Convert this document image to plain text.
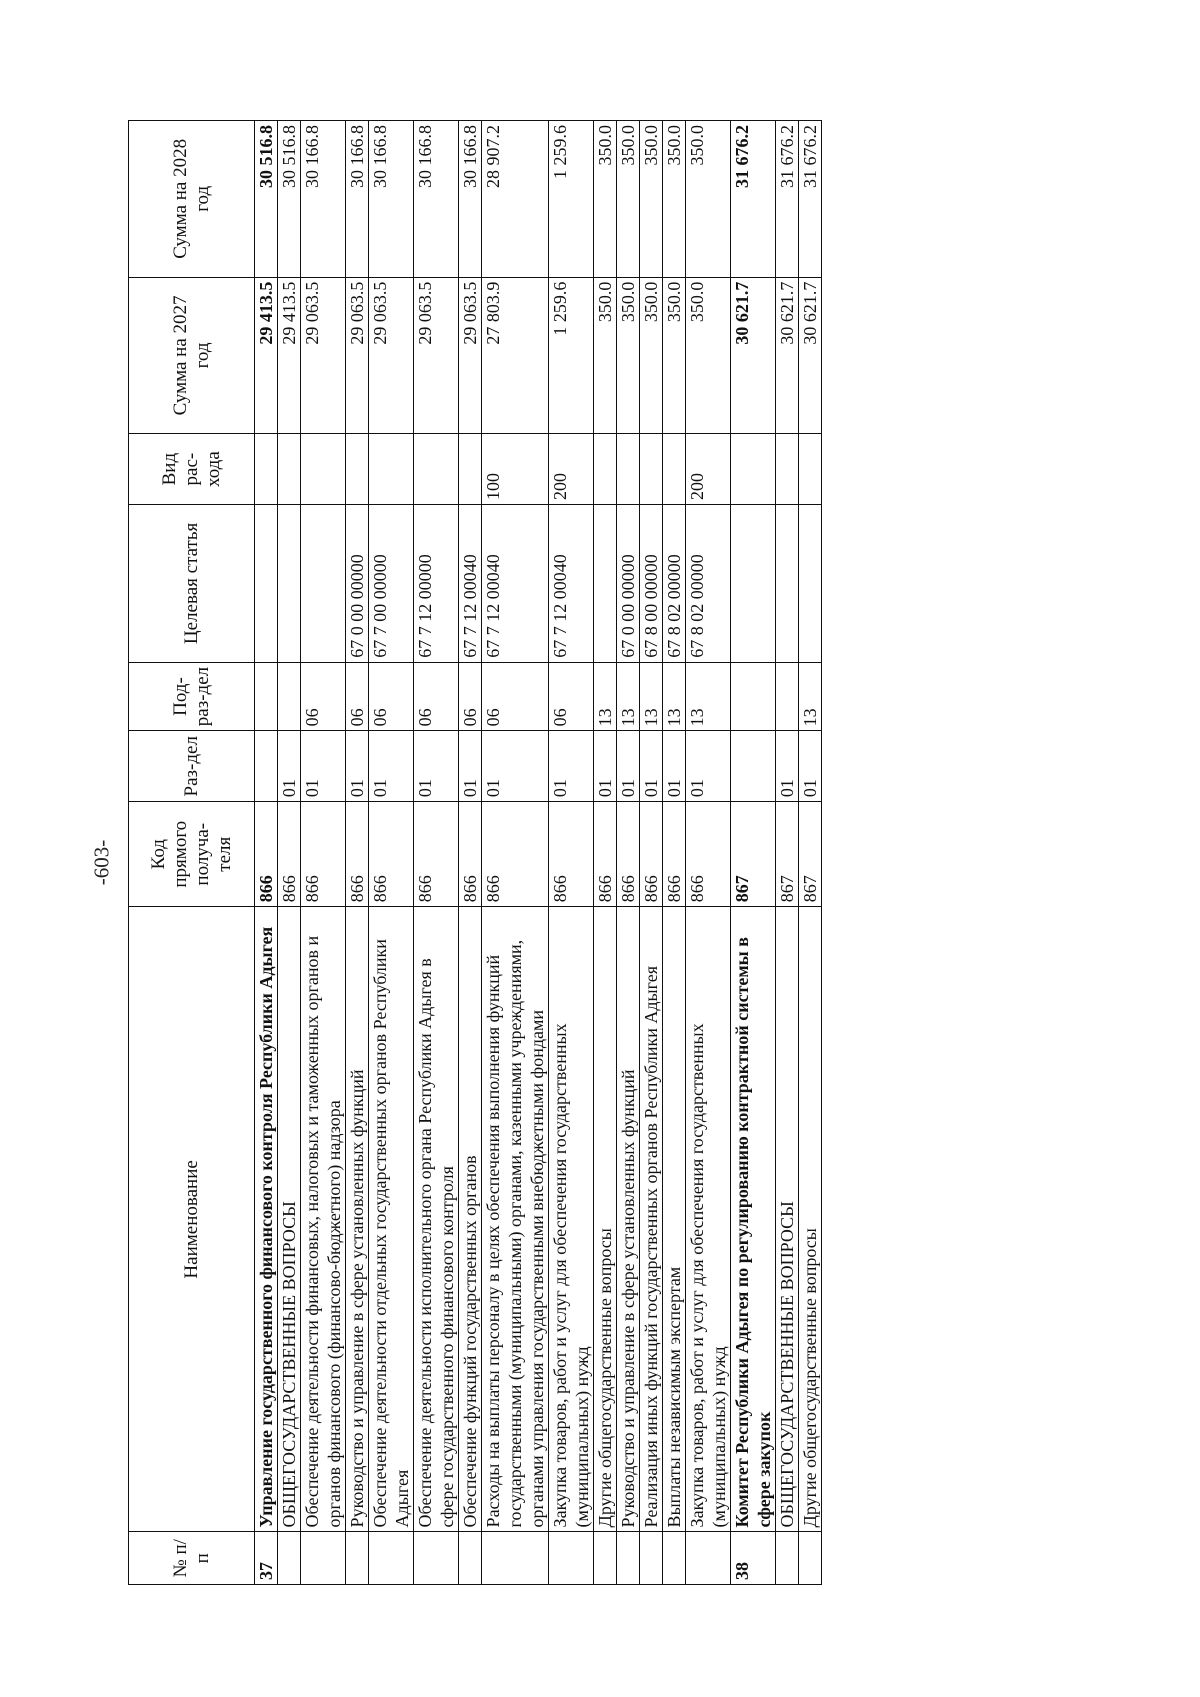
-603-
№ п/п	Наименование	Код прямого получа-теля	Раз-дел	Под-раз-дел	Целевая статья	Вид рас-хода	Сумма на 2027 год	Сумма на 2028 год
37	Управление государственного финансового контроля Республики Адыгея	866					29 413.5	30 516.8
	ОБЩЕГОСУДАРСТВЕННЫЕ ВОПРОСЫ	866	01				29 413.5	30 516.8
	Обеспечение деятельности финансовых, налоговых и таможенных органов и органов финансового (финансово-бюджетного) надзора	866	01	06			29 063.5	30 166.8
	Руководство и управление в сфере установленных функций	866	01	06	67 0 00 00000		29 063.5	30 166.8
	Обеспечение деятельности отдельных государственных органов Республики Адыгея	866	01	06	67 7 00 00000		29 063.5	30 166.8
	Обеспечение деятельности исполнительного органа Республики Адыгея в сфере государственного финансового контроля	866	01	06	67 7 12 00000		29 063.5	30 166.8
	Обеспечение функций государственных органов	866	01	06	67 7 12 00040		29 063.5	30 166.8
	Расходы на выплаты персоналу в целях обеспечения выполнения функций государственными (муниципальными) органами, казенными учреждениями, органами управления государственными внебюджетными фондами	866	01	06	67 7 12 00040	100	27 803.9	28 907.2
	Закупка товаров, работ и услуг для обеспечения государственных (муниципальных) нужд	866	01	06	67 7 12 00040	200	1 259.6	1 259.6
	Другие общегосударственные вопросы	866	01	13			350.0	350.0
	Руководство и управление в сфере установленных функций	866	01	13	67 0 00 00000		350.0	350.0
	Реализация иных функций государственных органов Республики Адыгея	866	01	13	67 8 00 00000		350.0	350.0
	Выплаты независимым экспертам	866	01	13	67 8 02 00000		350.0	350.0
	Закупка товаров, работ и услуг для обеспечения государственных (муниципальных) нужд	866	01	13	67 8 02 00000	200	350.0	350.0
38	Комитет Республики Адыгея по регулированию контрактной системы в сфере закупок	867					30 621.7	31 676.2
	ОБЩЕГОСУДАРСТВЕННЫЕ ВОПРОСЫ	867	01				30 621.7	31 676.2
	Другие общегосударственные вопросы	867	01	13			30 621.7	31 676.2
